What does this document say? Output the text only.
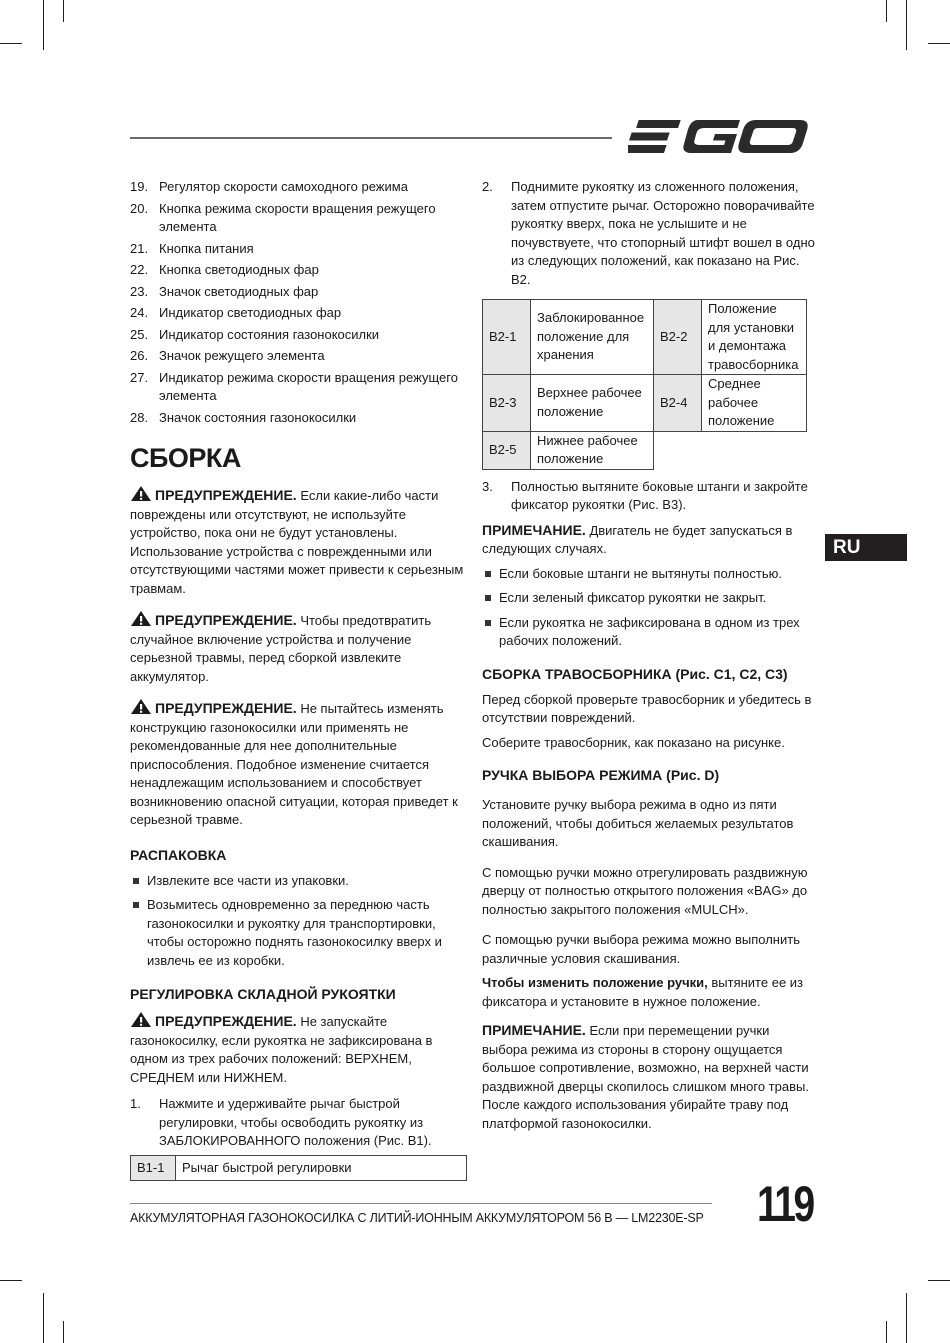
19. Регулятор скорости самоходного режима
20. Кнопка режима скорости вращения режущего элемента
21. Кнопка питания
22. Кнопка светодиодных фар
23. Значок светодиодных фар
24. Индикатор светодиодных фар
25. Индикатор состояния газонокосилки
26. Значок режущего элемента
27. Индикатор режима скорости вращения режущего элемента
28. Значок состояния газонокосилки
СБОРКА

ПРЕДУПРЕЖДЕНИЕ. Если какие-либо части повреждены или отсутствуют, не используйте устройство, пока они не будут установлены. Использование устройства с поврежденными или отсутствующими частями может привести к серьезным травмам.

ПРЕДУПРЕЖДЕНИЕ. Чтобы предотвратить случайное включение устройства и получение серьезной травмы, перед сборкой извлеките аккумулятор.

ПРЕДУПРЕЖДЕНИЕ. Не пытайтесь изменять конструкцию газонокосилки или применять не рекомендованные для нее дополнительные приспособления. Подобное изменение считается ненадлежащим использованием и способствует возникновению опасной ситуации, которая приведет к серьезной травме.

РАСПАКОВКА
Извлеките все части из упаковки.
Возьмитесь одновременно за переднюю часть газонокосилки и рукоятку для транспортировки, чтобы осторожно поднять газонокосилку вверх и извлечь ее из коробки.
РЕГУЛИРОВКА СКЛАДНОЙ РУКОЯТКИ

ПРЕДУПРЕЖДЕНИЕ. Не запускайте газонокосилку, если рукоятка не зафиксирована в одном из трех рабочих положений: ВЕРХНЕМ, СРЕДНЕМ или НИЖНЕМ.

1.	Нажмите и удерживайте рычаг быстрой регулировки, чтобы освободить рукоятку из ЗАБЛОКИРОВАННОГО положения (Рис. B1).
B1-1	Рычаг быстрой регулировки
2.	Поднимите рукоятку из сложенного положения, затем отпустите рычаг. Осторожно поворачивайте рукоятку вверх, пока не услышите и не почувствуете, что стопорный штифт вошел в одно из следующих положений, как показано на Рис. B2.
B2-1	Заблокированное положение для хранения	B2-2	Положение для установки и демонтажа травосборника
B2-3	Верхнее рабочее положение	B2-4	Среднее рабочее положение
B2-5	Нижнее рабочее положение		
3.	Полностью вытяните боковые штанги и закройте фиксатор рукоятки (Рис. B3).

ПРИМЕЧАНИЕ. Двигатель не будет запускаться в следующих случаях.

Если боковые штанги не вытянуты полностью.
Если зеленый фиксатор рукоятки не закрыт.
Если рукоятка не зафиксирована в одном из трех рабочих положений.
СБОРКА ТРАВОСБОРНИКА (Рис. C1, C2, C3)

Перед сборкой проверьте травосборник и убедитесь в отсутствии повреждений.

Соберите травосборник, как показано на рисунке.

РУЧКА ВЫБОРА РЕЖИМА (Рис. D)

Установите ручку выбора режима в одно из пяти положений, чтобы добиться желаемых результатов скашивания.

С помощью ручки можно отрегулировать раздвижную дверцу от полностью открытого положения «BAG» до полностью закрытого положения «MULCH».

С помощью ручки выбора режима можно выполнить различные условия скашивания.

Чтобы изменить положение ручки, вытяните ее из фиксатора и установите в нужное положение.

ПРИМЕЧАНИЕ. Если при перемещении ручки выбора режима из стороны в сторону ощущается большое сопротивление, возможно, на верхней части раздвижной дверцы скопилось слишком много травы. После каждого использования убирайте траву под платформой газонокосилки.

RU
АККУМУЛЯТОРНАЯ ГАЗОНОКОСИЛКА С ЛИТИЙ-ИОННЫМ АККУМУЛЯТОРОМ 56 В — LM2230E-SP 119
